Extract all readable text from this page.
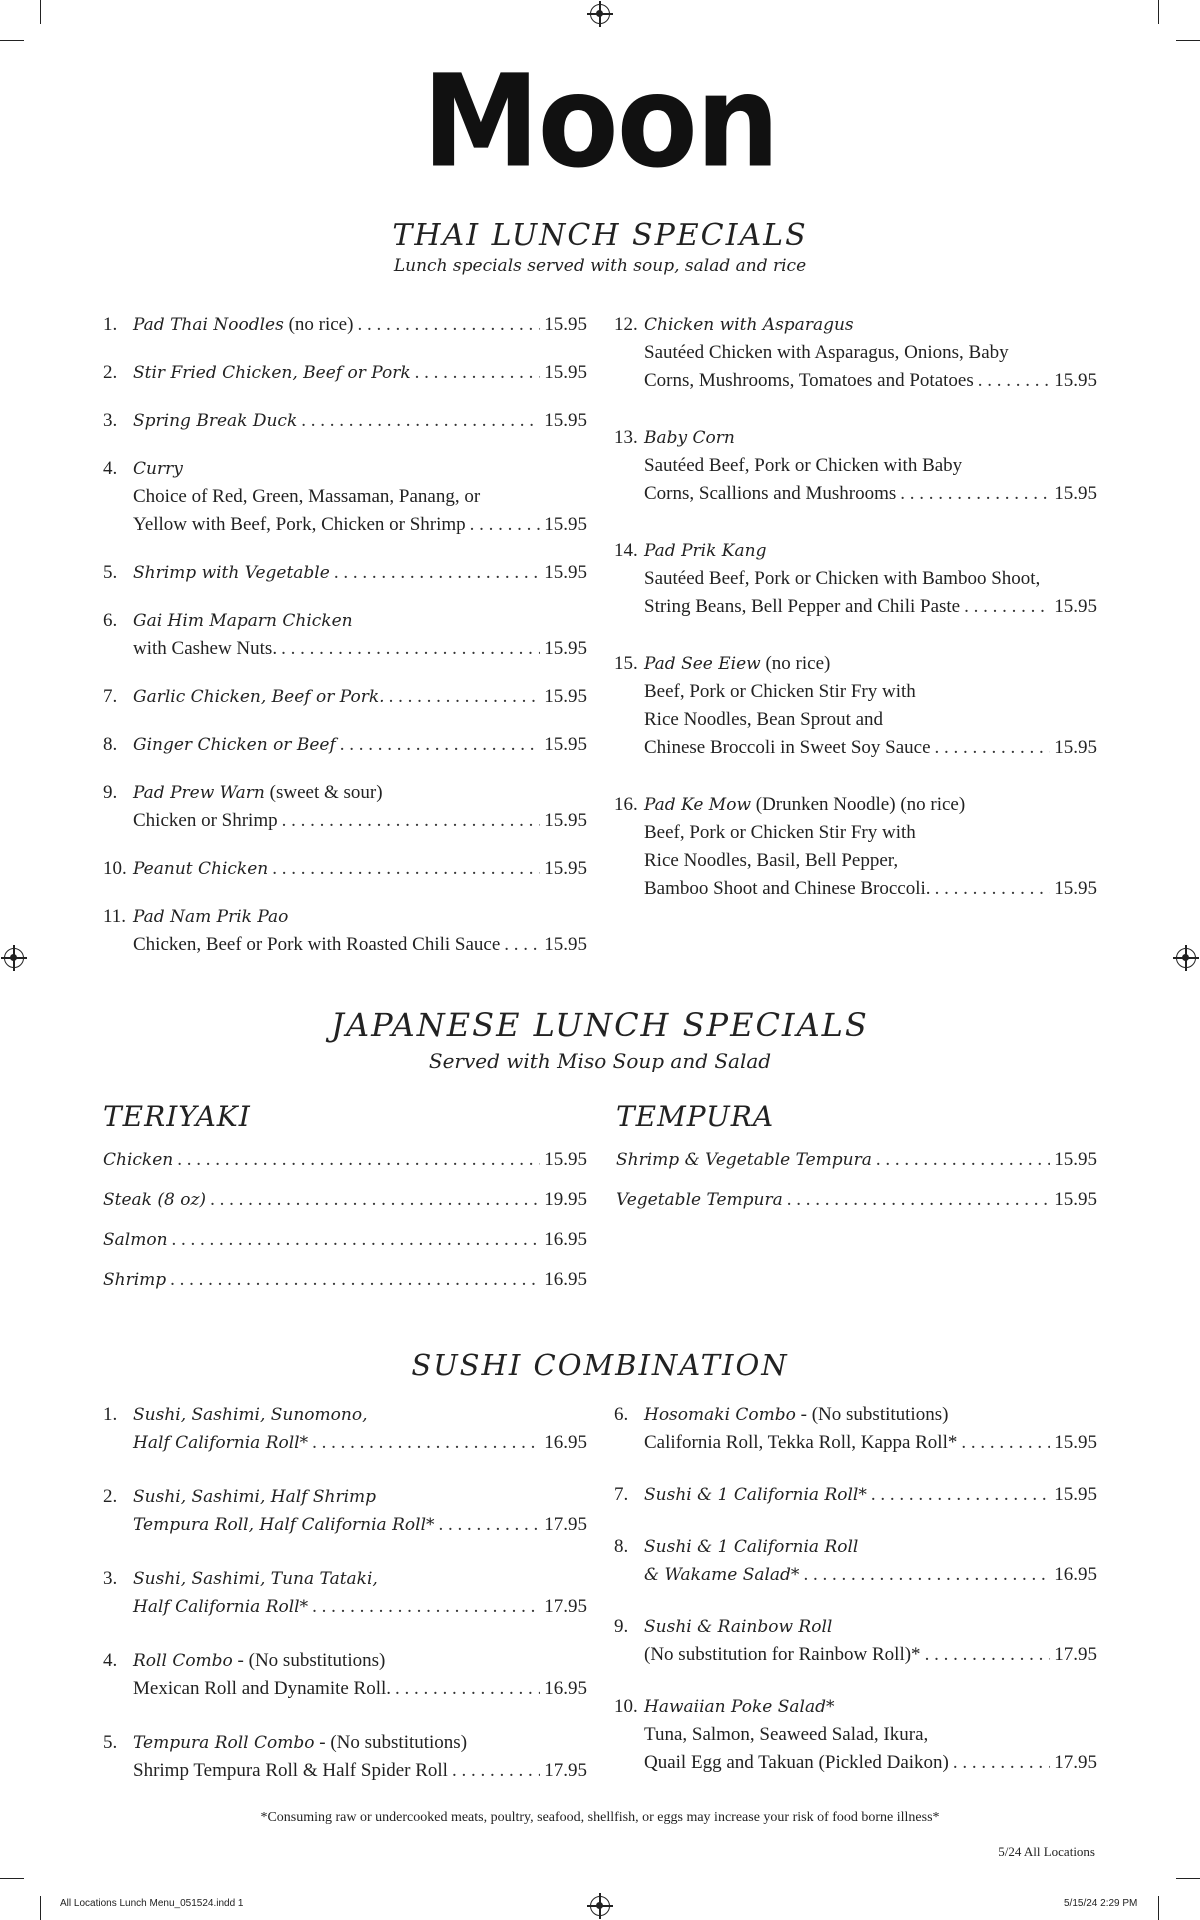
Moon
THAI LUNCH SPECIALS
Lunch specials served with soup, salad and rice
1. Pad Thai Noodles (no rice) . . .	15.95
2. Stir Fried Chicken, Beef or Pork . . .	15.95
3. Spring Break Duck . . .	15.95
4. Curry
Choice of Red, Green, Massaman, Panang, or
Yellow with Beef, Pork, Chicken or Shrimp . . .	15.95
5. Shrimp with Vegetable . . .	15.95
6. Gai Him Maparn Chicken
with Cashew Nuts. . . .	15.95
7. Garlic Chicken, Beef or Pork. . . .	15.95
8. Ginger Chicken or Beef . . .	15.95
9. Pad Prew Warn (sweet & sour)
Chicken or Shrimp . . .	15.95
10. Peanut Chicken . . .	15.95
11. Pad Nam Prik Pao
Chicken, Beef or Pork with Roasted Chili Sauce . . . 15.95
12. Chicken with Asparagus
Sautéed Chicken with Asparagus, Onions, Baby
Corns, Mushrooms, Tomatoes and Potatoes . . .	15.95
13. Baby Corn
Sautéed Beef, Pork or Chicken with Baby
Corns, Scallions and Mushrooms . . .	15.95
14. Pad Prik Kang
Sautéed Beef, Pork or Chicken with Bamboo Shoot,
String Beans, Bell Pepper and Chili Paste . . .	15.95
15. Pad See Eiew (no rice)
Beef, Pork or Chicken Stir Fry with
Rice Noodles, Bean Sprout and
Chinese Broccoli in Sweet Soy Sauce . . .	15.95
16. Pad Ke Mow (Drunken Noodle) (no rice)
Beef, Pork or Chicken Stir Fry with
Rice Noodles, Basil, Bell Pepper,
Bamboo Shoot and Chinese Broccoli. . . .	15.95
JAPANESE LUNCH SPECIALS
Served with Miso Soup and Salad
TERIYAKI	TEMPURA
Chicken . . .	15.95
Steak (8 oz) . . .	19.95
Salmon . . .	16.95
Shrimp . . .	16.95
Shrimp & Vegetable Tempura . . .	15.95
Vegetable Tempura . . .	15.95
SUSHI COMBINATION
1. Sushi, Sashimi, Sunomono,
Half California Roll* . . .	16.95
2. Sushi, Sashimi, Half Shrimp
Tempura Roll, Half California Roll* . . .	17.95
3. Sushi, Sashimi, Tuna Tataki,
Half California Roll* . . .	17.95
4. Roll Combo - (No substitutions)
Mexican Roll and Dynamite Roll. . . .	16.95
5. Tempura Roll Combo - (No substitutions)
Shrimp Tempura Roll & Half Spider Roll . . .	17.95
6. Hosomaki Combo - (No substitutions)
California Roll, Tekka Roll, Kappa Roll* . . .	15.95
7. Sushi & 1 California Roll* . . .	15.95
8. Sushi & 1 California Roll
& Wakame Salad* . . .	16.95
9. Sushi & Rainbow Roll
(No substitution for Rainbow Roll)* . . .	17.95
10. Hawaiian Poke Salad*
Tuna, Salmon, Seaweed Salad, Ikura,
Quail Egg and Takuan (Pickled Daikon) . . .	17.95
*Consuming raw or undercooked meats, poultry, seafood, shellfish, or eggs may increase your risk of food borne illness*
5/24 All Locations
All Locations Lunch Menu_051524.indd 1	5/15/24 2:29 PM
